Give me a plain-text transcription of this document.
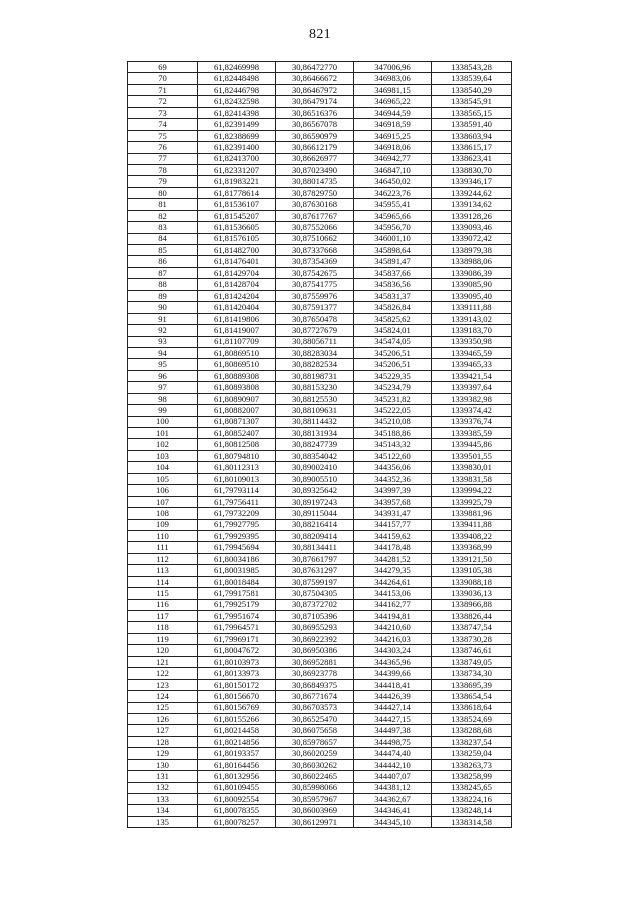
821
69	61,82469998	30,86472770	347006,96	1338543,28
70	61,82448498	30,86466672	346983,06	1338539,64
71	61,82446798	30,86467972	346981,15	1338540,29
72	61,82432598	30,86479174	346965,22	1338545,91
73	61,82414398	30,86516376	346944,59	1338565,15
74	61,82391499	30,86567078	346918,59	1338591,40
75	61,82388699	30,86590979	346915,25	1338603,94
76	61,82391400	30,86612179	346918,06	1338615,17
77	61,82413700	30,86626977	346942,77	1338623,41
78	61,82331207	30,87023490	346847,10	1338830,70
79	61,81983221	30,88014735	346450,02	1339346,17
80	61,81778614	30,87829750	346223,76	1339244,62
81	61,81536107	30,87630168	345955,41	1339134,62
82	61,81545207	30,87617767	345965,66	1339128,26
83	61,81536605	30,87552066	345956,70	1339093,46
84	61,81576105	30,87510662	346001,10	1339072,42
85	61,81482700	30,87337668	345898,64	1338979,38
86	61,81476401	30,87354369	345891,47	1338988,06
87	61,81429704	30,87542675	345837,66	1339086,39
88	61,81428704	30,87541775	345836,56	1339085,90
89	61,81424204	30,87559976	345831,37	1339095,40
90	61,81420404	30,87591377	345826,84	1339111,88
91	61,81419806	30,87650478	345825,62	1339143,02
92	61,81419007	30,87727679	345824,01	1339183,70
93	61,81107709	30,88056711	345474,05	1339350,98
94	61,80869510	30,88283034	345206,51	1339465,59
95	61,80869510	30,88282534	345206,51	1339465,33
96	61,80889308	30,88198731	345229,35	1339421,54
97	61,80893808	30,88153230	345234,79	1339397,64
98	61,80890907	30,88125530	345231,82	1339382,98
99	61,80882007	30,88109631	345222,05	1339374,42
100	61,80871307	30,88114432	345210,08	1339376,74
101	61,80852407	30,88131934	345188,86	1339385,59
102	61,80812508	30,88247739	345143,32	1339445,86
103	61,80794810	30,88354042	345122,60	1339501,55
104	61,80112313	30,89002410	344356,06	1339830,01
105	61,80109013	30,89005510	344352,36	1339831,58
106	61,79793114	30,89325642	343997,39	1339994,22
107	61,79756411	30,89197243	343957,68	1339925,79
108	61,79732209	30,89115044	343931,47	1339881,96
109	61,79927795	30,88216414	344157,77	1339411,88
110	61,79929395	30,88209414	344159,62	1339408,22
111	61,79945694	30,88134411	344178,48	1339368,99
112	61,80034186	30,87661797	344281,52	1339121,50
113	61,80031985	30,87631297	344279,35	1339105,38
114	61,80018484	30,87599197	344264,61	1339088,18
115	61,79917581	30,87504305	344153,06	1339036,13
116	61,79925179	30,87372702	344162,77	1338966,88
117	61,79951674	30,87105396	344194,81	1338826,44
118	61,79964571	30,86955293	344210,60	1338747,54
119	61,79969171	30,86922392	344216,03	1338730,28
120	61,80047672	30,86950386	344303,24	1338746,61
121	61,80103973	30,86952881	344365,96	1338749,05
122	61,80133973	30,86923778	344399,66	1338734,30
123	61,80150172	30,86849375	344418,41	1338695,39
124	61,80156670	30,86771674	344426,39	1338654,54
125	61,80156769	30,86703573	344427,14	1338618,64
126	61,80155266	30,86525470	344427,15	1338524,69
127	61,80214458	30,86075658	344497,38	1338288,68
128	61,80214856	30,85978657	344498,75	1338237,54
129	61,80193357	30,86020259	344474,40	1338259,04
130	61,80164456	30,86030262	344442,10	1338263,73
131	61,80132956	30,86022465	344407,07	1338258,99
132	61,80109455	30,85998066	344381,12	1338245,65
133	61,80092554	30,85957967	344362,67	1338224,16
134	61,80078355	30,86003969	344346,41	1338248,14
135	61,80078257	30,86129971	344345,10	1338314,58
